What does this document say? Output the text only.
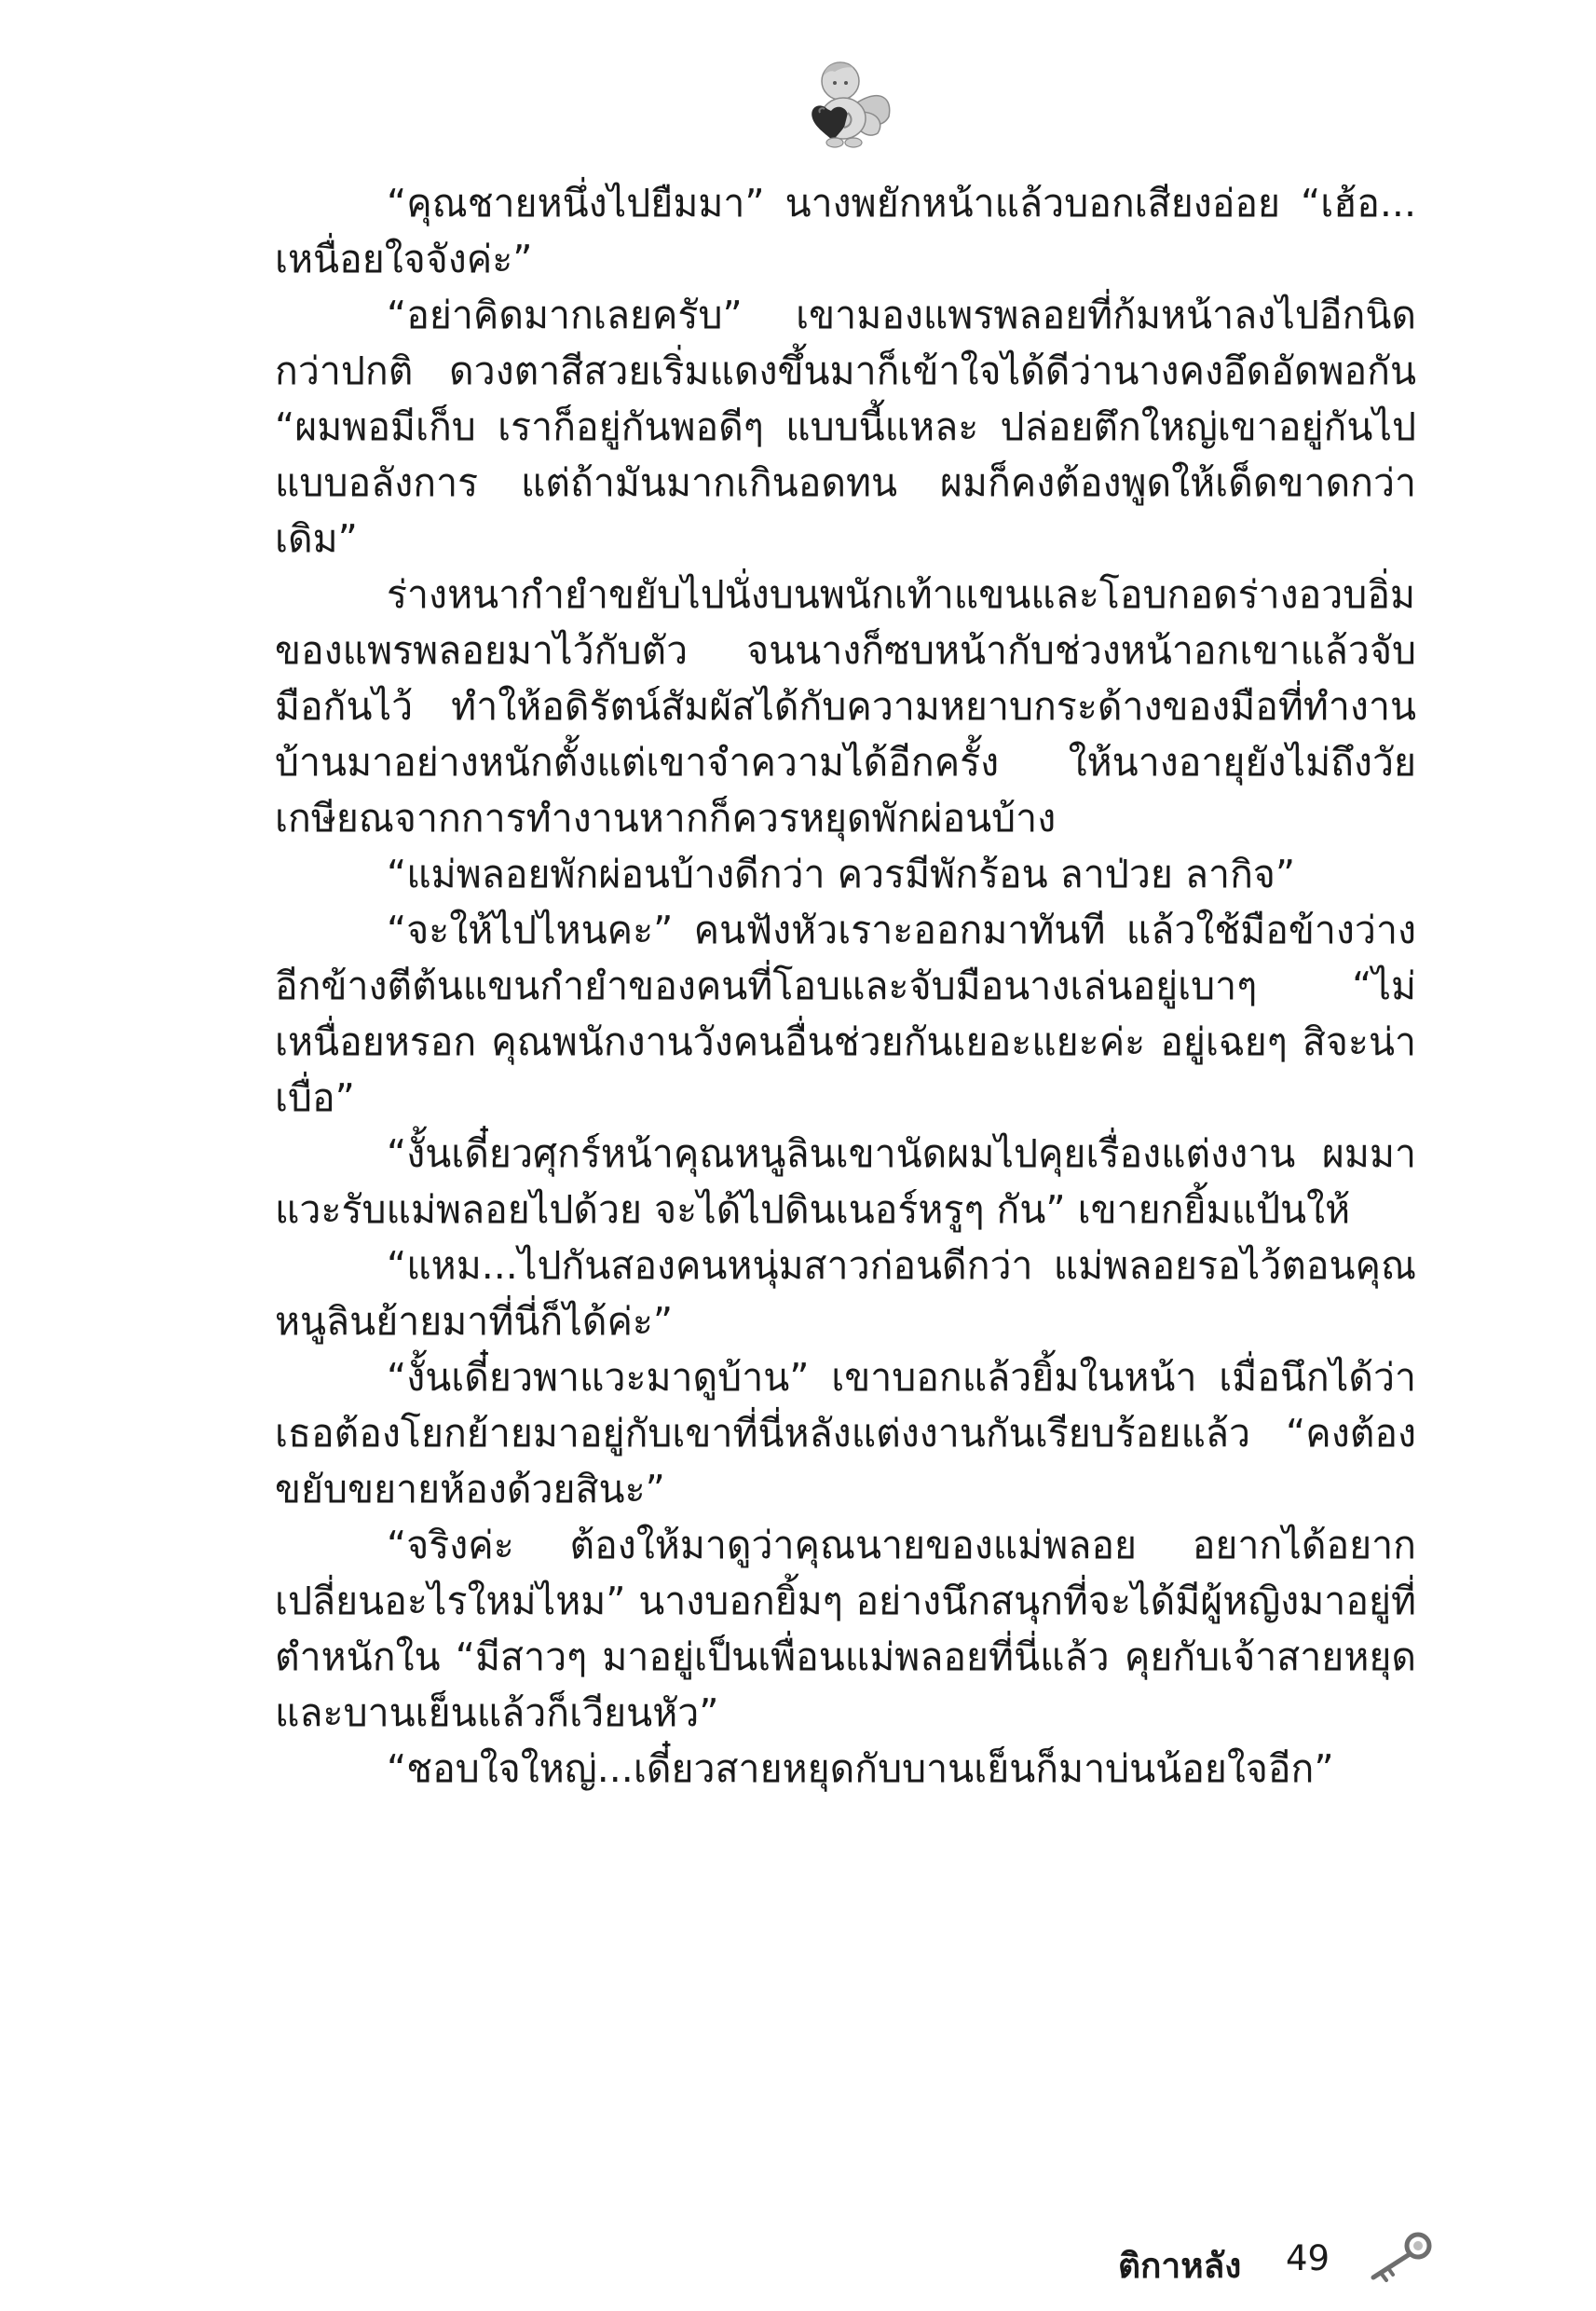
“คุณชายหนึ่งไปยืมมา” นางพยักหน้าแล้วบอกเสียงอ่อย “เฮ้อ... เหนื่อยใจจังค่ะ”

“อย่าคิดมากเลยครับ” เขามองแพรพลอยที่ก้มหน้าลงไปอีกนิดกว่าปกติ ดวงตาสีสวยเริ่มแดงขึ้นมาก็เข้าใจได้ดีว่านางคงอึดอัดพอกัน “ผมพอมีเก็บ เราก็อยู่กันพอดีๆ แบบนี้แหละ ปล่อยตึกใหญ่เขาอยู่กันไปแบบอลังการ แต่ถ้ามันมากเกินอดทน ผมก็คงต้องพูดให้เด็ดขาดกว่าเดิม”

ร่างหนากำยำขยับไปนั่งบนพนักเท้าแขนและโอบกอดร่างอวบอิ่มของแพรพลอยมาไว้กับตัว จนนางก็ซบหน้ากับช่วงหน้าอกเขาแล้วจับมือกันไว้ ทำให้อดิรัตน์สัมผัสได้กับความหยาบกระด้างของมือที่ทำงานบ้านมาอย่างหนักตั้งแต่เขาจำความได้อีกครั้ง ให้นางอายุยังไม่ถึงวัยเกษียณจากการทำงานหากก็ควรหยุดพักผ่อนบ้าง

“แม่พลอยพักผ่อนบ้างดีกว่า ควรมีพักร้อน ลาป่วย ลากิจ”

“จะให้ไปไหนคะ” คนฟังหัวเราะออกมาทันที แล้วใช้มือข้างว่างอีกข้างตีต้นแขนกำยำของคนที่โอบและจับมือนางเล่นอยู่เบาๆ “ไม่เหนื่อยหรอก คุณพนักงานวังคนอื่นช่วยกันเยอะแยะค่ะ อยู่เฉยๆ สิจะน่าเบื่อ”

“งั้นเดี๋ยวศุกร์หน้าคุณหนูลินเขานัดผมไปคุยเรื่องแต่งงาน ผมมาแวะรับแม่พลอยไปด้วย จะได้ไปดินเนอร์หรูๆ กัน” เขายกยิ้มแป้นให้

“แหม...ไปกันสองคนหนุ่มสาวก่อนดีกว่า แม่พลอยรอไว้ตอนคุณหนูลินย้ายมาที่นี่ก็ได้ค่ะ”

“งั้นเดี๋ยวพาแวะมาดูบ้าน” เขาบอกแล้วยิ้มในหน้า เมื่อนึกได้ว่าเธอต้องโยกย้ายมาอยู่กับเขาที่นี่หลังแต่งงานกันเรียบร้อยแล้ว “คงต้องขยับขยายห้องด้วยสินะ”

“จริงค่ะ ต้องให้มาดูว่าคุณนายของแม่พลอย อยากได้อยากเปลี่ยนอะไรใหม่ไหม” นางบอกยิ้มๆ อย่างนึกสนุกที่จะได้มีผู้หญิงมาอยู่ที่ตำหนักใน “มีสาวๆ มาอยู่เป็นเพื่อนแม่พลอยที่นี่แล้ว คุยกับเจ้าสายหยุดและบานเย็นแล้วก็เวียนหัว”

“ชอบใจใหญ่...เดี๋ยวสายหยุดกับบานเย็นก็มาบ่นน้อยใจอีก”

ติกาหลัง 49
